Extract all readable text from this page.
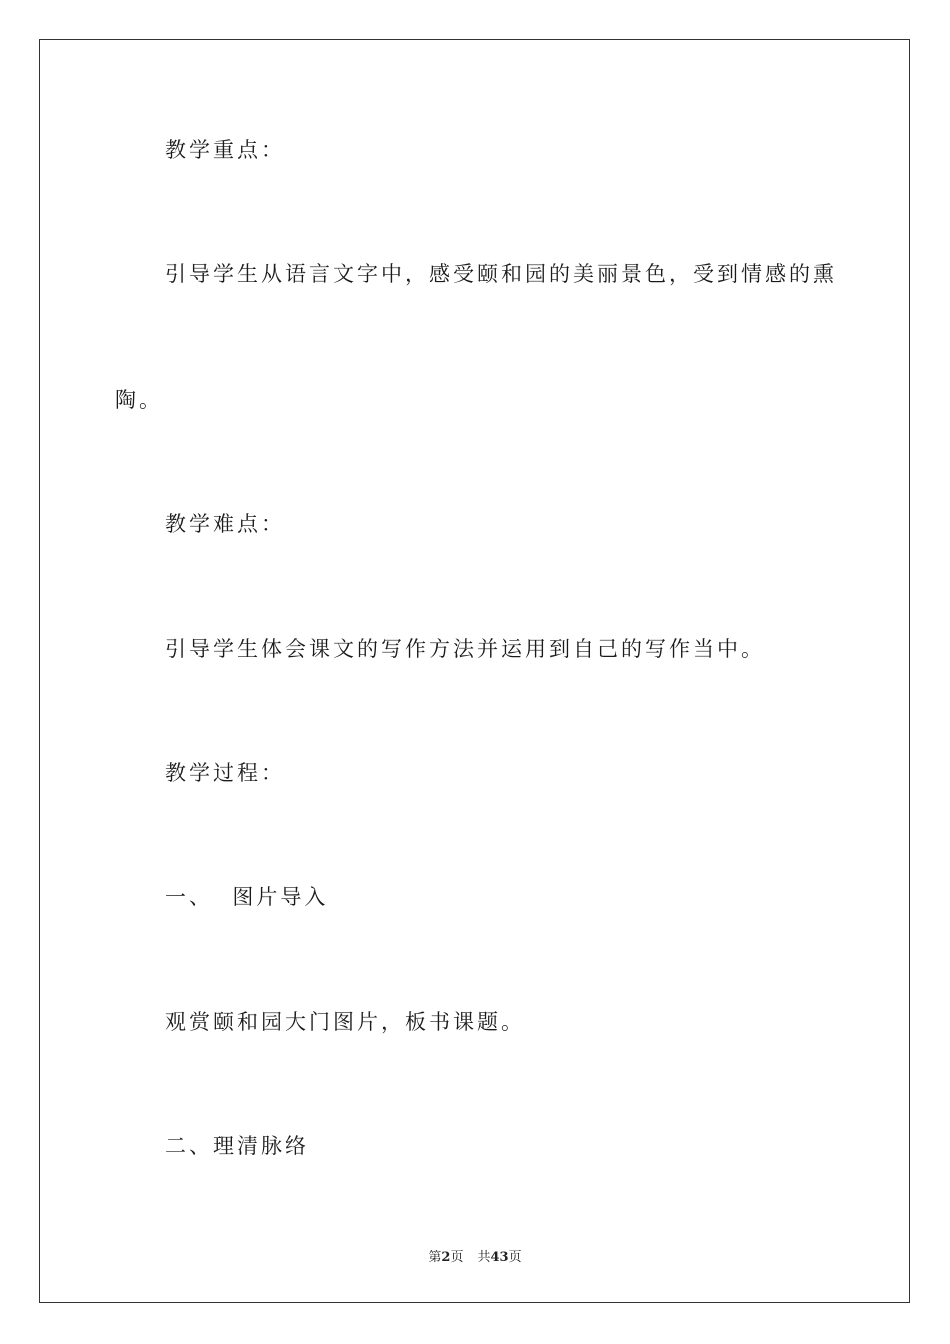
教学重点：
引导学生从语言文字中，感受颐和园的美丽景色，受到情感的熏
陶。
教学难点：
引导学生体会课文的写作方法并运用到自己的写作当中。
教学过程：
一、  图片导入
观赏颐和园大门图片，板书课题。
二、理清脉络
第2页 共43页
